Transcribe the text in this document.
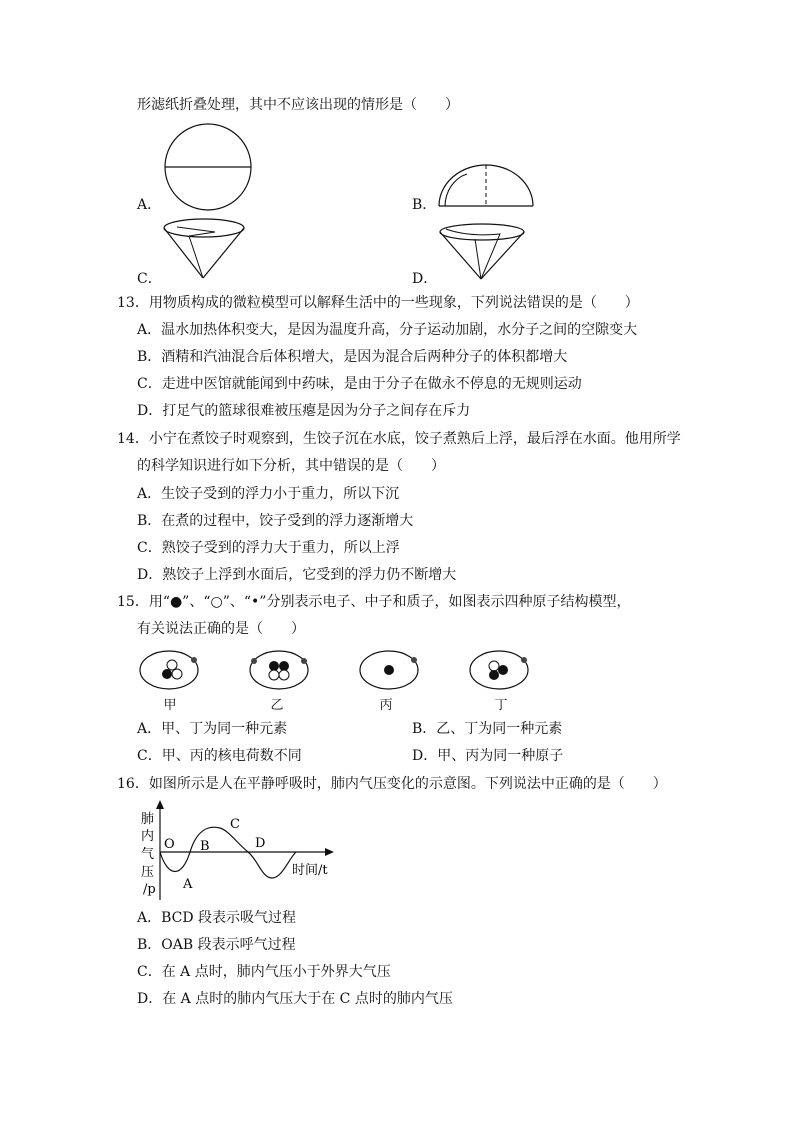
形滤纸折叠处理，其中不应该出现的情形是（　　）
A．	B．
C．	D．
13．用物质构成的微粒模型可以解释生活中的一些现象，下列说法错误的是（　　）
A．温水加热体积变大，是因为温度升高，分子运动加剧，水分子之间的空隙变大
B．酒精和汽油混合后体积增大，是因为混合后两种分子的体积都增大
C．走进中医馆就能闻到中药味，是由于分子在做永不停息的无规则运动
D．打足气的篮球很难被压瘪是因为分子之间存在斥力
14．小宁在煮饺子时观察到，生饺子沉在水底，饺子煮熟后上浮，最后浮在水面。他用所学
的科学知识进行如下分析，其中错误的是（　　）
A．生饺子受到的浮力小于重力，所以下沉
B．在煮的过程中，饺子受到的浮力逐渐增大
C．熟饺子受到的浮力大于重力，所以上浮
D．熟饺子上浮到水面后，它受到的浮力仍不断增大
15．用“●”、“○”、“•”分别表示电子、中子和质子，如图表示四种原子结构模型，
有关说法正确的是（　　）
甲	乙	丙	丁
A．甲、丁为同一种元素	B．乙、丁为同一种元素
C．甲、丙的核电荷数不同	D．甲、丙为同一种原子
16．如图所示是人在平静呼吸时，肺内气压变化的示意图。下列说法中正确的是（　　）
肺
内
气
压
/p
O
A
B
C
D
时间/t
A．BCD 段表示吸气过程
B．OAB 段表示呼气过程
C．在 A 点时，肺内气压小于外界大气压
D．在 A 点时的肺内气压大于在 C 点时的肺内气压
